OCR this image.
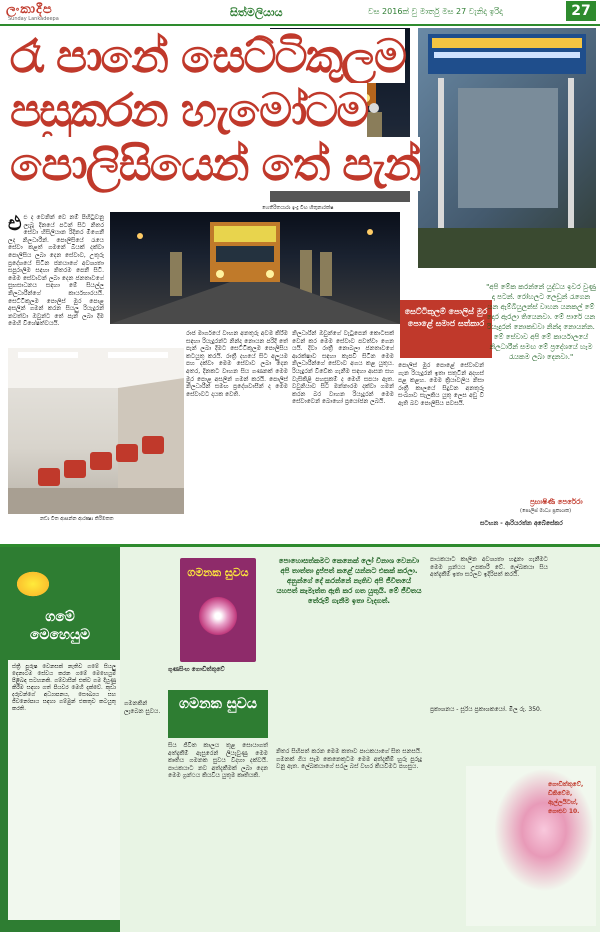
ලංකාදීප
Sunday Lankadeepa	සිත්මලියාය	වස 2016ක් වු මාර්තු මස 27 වැනිදා ඉරිදා	27
රෑ පානේ සෙට්ටිකුලම
පසුකරන හැමෝටම
පොලිසියෙන් තේ පැන්
හෙතිරිතයාරා ඉංද්‍ර වීහ හිතුනාරක්ෂ
නඩා වීත ආසන්‍න ආරක්‍ෂා කිරීමකත
එඑ ද වෙනින් වෙ නම් පිහිටුවනු ලැබූ දිනයේ පටන් සිට නිතර සේවා හිසිලියාන රිදිනර මිගෙනී ලද නිලධාරීන්. පොලිසියේ රැයෙ සේවා කළත් ගමනේ බියක් දක්වා පොලීසිය ලබා දෙන සේවාව, උතුරු ප්‍රදේශයේ සිටින ජනයාගේ අවශ්‍යතා සපුරාලීම සඳහා නිතරම පෙනී සිටී. මෙම සේවාවන් ලබා දෙන ජනතාවගේ සුභසාධනය සඳහා මේ සියල්ල නිලධාරීන්ගේ කාර්යභාරයයි. සෙට්ටිකුලම පොලිස් මුර පොළ අසලින් ගමන් කරන සියලු රියැදුරන් නවත්වා ඔවුන්ට තේ පැන් ලබා දීම මෙහි විශේෂත්වයයි.
රාජ මාර්ගයේ වාහන අනතුරු අවම කිරීම සඳහා රියැදුරන්ට නින්ද නොයන පරිදි තේ පැන් ලබා දීමට සෙට්ටිකුලම පොලිසිය කටයුතු කරයි. රාත්‍රී දහයේ සිට අලුයම පහ දක්වා මෙම සේවාව ලබා දෙන අතර, දිනකට වාහන සිය ගණනක් මෙම මුර පොළ අසලින් ගමන් කරයි. පොලිස් නිලධාරීන් සමඟ ප්‍රදේශවාසීන් ද මෙම සේවාවට දායක වෙති.
නිලධාරීන් ඔවුන්ගේ වැටුපෙන් කොටසක් වෙන් කර මෙම සේවාව පවත්වා ගෙන යයි. දිවා රාත්‍රී නොබලා ජනතාවගේ ආරක්ෂාව සඳහා කැපවී සිටින මෙම නිලධාරීන්ගේ සේවාව අගය කළ යුතුය. රියැදුරන් විවේක ගැනීම සඳහා ආසන සහ වැසිකිළි පහසුකම් ද මෙහි සපයා ඇත. වවුනියාව සිට මන්නාරම දක්වා ගමන් කරන බර වාහන රියැදුරන් මෙම සේවාවෙන් බොහෝ ප්‍රයෝජන ලබයි.
පොලිස් මුර පොළේ සේවාවන් ගැන රියැදුරන් ඉතා සතුටින් අදහස් පළ කළහ. මෙම ක්‍රියාවලිය නිසා රාත්‍රී කාලයේ සිදුවන අනතුරු සංඛ්‍යාව සැලකිය යුතු ලෙස අඩු වී ඇති බව පොලිසිය පවසයි.
සෙට්ටිකුලම් පොලිස් මුර පොළේ සමාජ සත්කාර
"අපි මේක කරන්නේ යුද්ධය ඉවර වුණු දා පටන්. රෝහලට ලෙඩුන් රැගෙන යන ඇම්බියුලන්ස් වාහන යනකල් මේ දොර ඇරලා තියෙනවා. මේ පාරේ යන රියැදුරන් නොකඩවා නින්ද නොයන්න. මේ සේවාව අපි මේ කාර්යාලයේ නිලධාරීන් සමඟ මේ ප්‍රදේශයේ හැම රැයකම ලබා දෙනවා."
ප්‍රභාෂිණී පෙරේරා
(පොලිස් මාධ්‍ය ප්‍රකාශක)
සටහන - ආරියරත්න අබේසේකර
ගමේ මෙහෙයුම
ස්ත්‍රී පුරුෂ වෙනසක් නැතිව ගමේ සියලු දෙනාටම සේවය කරන ගමේ මෙහෙයුම පිළිබඳ සටහනකි. ගම්වාසීන් එක්ව ගම දියුණු කිරීම සඳහා ගත් පියවර මෙහි දැක්වේ. කුඩා දරුවන්ගේ අධ්‍යාපනය, සෞඛ්‍යය සහ ජීවනෝපාය සඳහා ගම්මුන් එකතුව කටයුතු කරති.
ගමනක සුවය
ගුණසිංහ ගොඩිත්තුවේ
ගමනක සුවය
ගමනකින් ලැබෙන සුවය.
සිය ජීවිත කාලය තුළ සොයාගත් අත්දැකීම් ඇසුරෙන් ලියැවුණු මෙම කෘතිය ගමනක සුවය විදහා දක්වයි. පාඨකයාට නව අත්දැකීමක් ලබා දෙන මෙම ග්‍රන්ථය කියවිය යුතුම කෘතියකි.
පොහොසත්කමට කෙනෙක් ලෝ විනාශ වෙනවා අපි තාත්තා දුප්පත් කළේ යන්නට එකක් කරලා. අනුන්ගේ දේ කරන්නේ නැතිව අපි ජීවිතයේ යහපත් කැමැත්ත ඇති කර ගත යුතුයි. මේ ජීවිතය තේරුම් ගැනීම ඉතා වැදගත්.
නිතර සිහිපත් කරන මෙම කතාව පාඨකයාගේ සිත සනසයි. ගමනක් ගිය සෑම කෙනෙකුටම මෙම අත්දැකීම් හුරු පුරුදු වනු ඇත. ලේඛකයාගේ සරල බස් වහර කියවීමට පහසුය.
පාඨකයාට කාලීන අවශ්‍යතා හඳුනා ගැනීමට මෙම ග්‍රන්ථය උපකාරී වේ. ලේඛකයා සිය අත්දැකීම් ඉතා සරලව ඉදිරිපත් කරයි.
ප්‍රකාශනය - සූරිය ප්‍රකාශකයෝ. මිල රු. 350.
ගොඩිත්තුවේ, ඩිකිවේම, ඇල්ලයිටහ්, ගොළුව 10.
